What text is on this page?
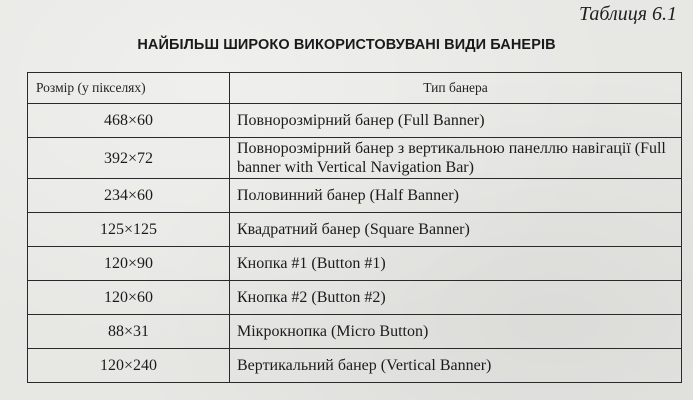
Таблиця 6.1
НАЙБІЛЬШ ШИРОКО ВИКОРИСТОВУВАНІ ВИДИ БАНЕРІВ
Розмір (у пікселях)	Тип банера
468×60	Повнорозмірний банер (Full Banner)
392×72	Повнорозмірний банер з вертикальною панеллю навігації (Full banner with Vertical Navigation Bar)
234×60	Половинний банер (Half Banner)
125×125	Квадратний банер (Square Banner)
120×90	Кнопка #1 (Button #1)
120×60	Кнопка #2 (Button #2)
88×31	Мікрокнопка (Micro Button)
120×240	Вертикальний банер (Vertical Banner)
